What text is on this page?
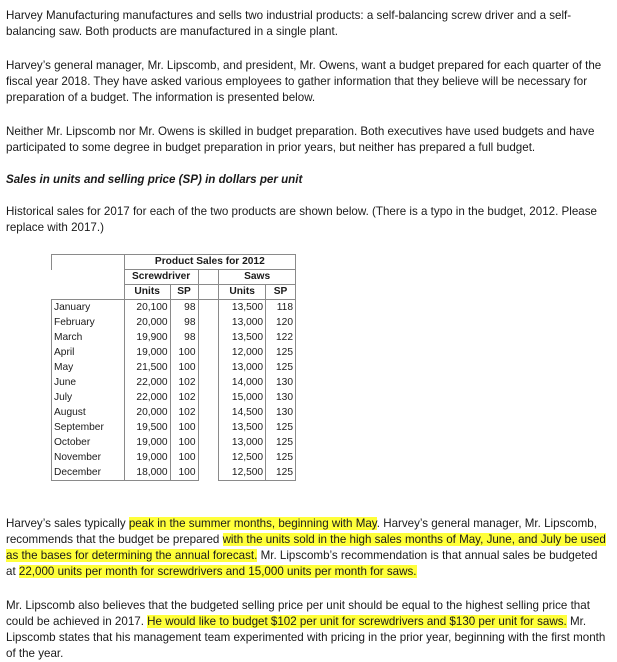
Harvey Manufacturing manufactures and sells two industrial products: a self-balancing screw driver and a self-balancing saw. Both products are manufactured in a single plant.

Harvey’s general manager, Mr. Lipscomb, and president, Mr. Owens, want a budget prepared for each quarter of the fiscal year 2018. They have asked various employees to gather information that they believe will be necessary for preparation of a budget. The information is presented below.

Neither Mr. Lipscomb nor Mr. Owens is skilled in budget preparation. Both executives have used budgets and have participated to some degree in budget preparation in prior years, but neither has prepared a full budget.

Sales in units and selling price (SP) in dollars per unit

Historical sales for 2017 for each of the two products are shown below. (There is a typo in the budget, 2012. Please replace with 2017.)

	Product Sales for 2012				
	Screwdriver			Saws	
	Units	SP		Units	SP
January	20,100	98		13,500	118
February	20,000	98		13,000	120
March	19,900	98		13,500	122
April	19,000	100		12,000	125
May	21,500	100		13,000	125
June	22,000	102		14,000	130
July	22,000	102		15,000	130
August	20,000	102		14,500	130
September	19,500	100		13,500	125
October	19,000	100		13,000	125
November	19,000	100		12,500	125
December	18,000	100		12,500	125

Harvey’s sales typically peak in the summer months, beginning with May. Harvey’s general manager, Mr. Lipscomb, recommends that the budget be prepared with the units sold in the high sales months of May, June, and July be used as the bases for determining the annual forecast. Mr. Lipscomb’s recommendation is that annual sales be budgeted at 22,000 units per month for screwdrivers and 15,000 units per month for saws.

Mr. Lipscomb also believes that the budgeted selling price per unit should be equal to the highest selling price that could be achieved in 2017. He would like to budget $102 per unit for screwdrivers and $130 per unit for saws. Mr. Lipscomb states that his management team experimented with pricing in the prior year, beginning with the first month of the year.
